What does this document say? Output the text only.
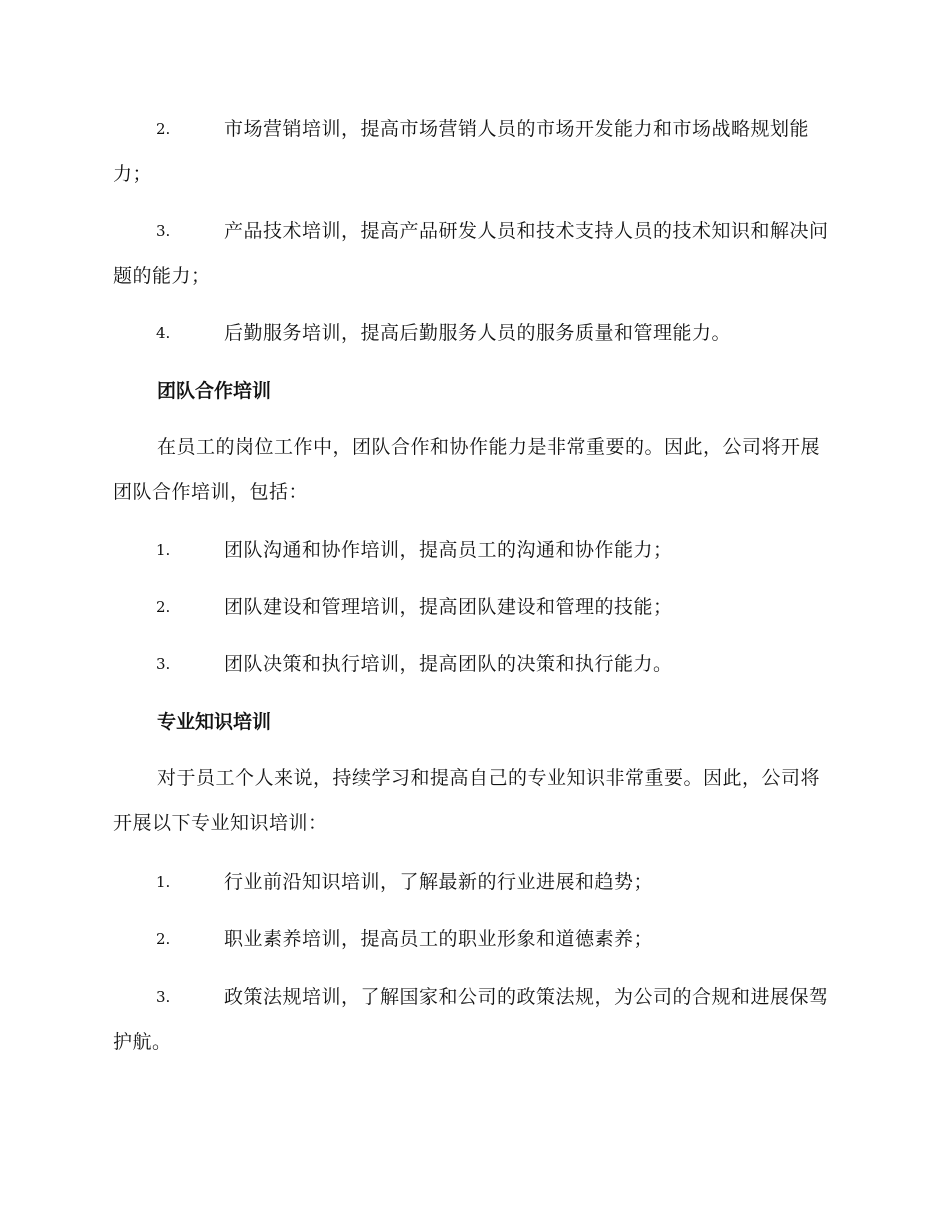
2.	市场营销培训，提高市场营销人员的市场开发能力和市场战略规划能力；
3.	产品技术培训，提高产品研发人员和技术支持人员的技术知识和解决问题的能力；
4.	后勤服务培训，提高后勤服务人员的服务质量和管理能力。
团队合作培训
在员工的岗位工作中，团队合作和协作能力是非常重要的。因此，公司将开展团队合作培训，包括：
1.	团队沟通和协作培训，提高员工的沟通和协作能力；
2.	团队建设和管理培训，提高团队建设和管理的技能；
3.	团队决策和执行培训，提高团队的决策和执行能力。
专业知识培训
对于员工个人来说，持续学习和提高自己的专业知识非常重要。因此，公司将开展以下专业知识培训：
1.	行业前沿知识培训，了解最新的行业进展和趋势；
2.	职业素养培训，提高员工的职业形象和道德素养；
3.	政策法规培训，了解国家和公司的政策法规，为公司的合规和进展保驾护航。
